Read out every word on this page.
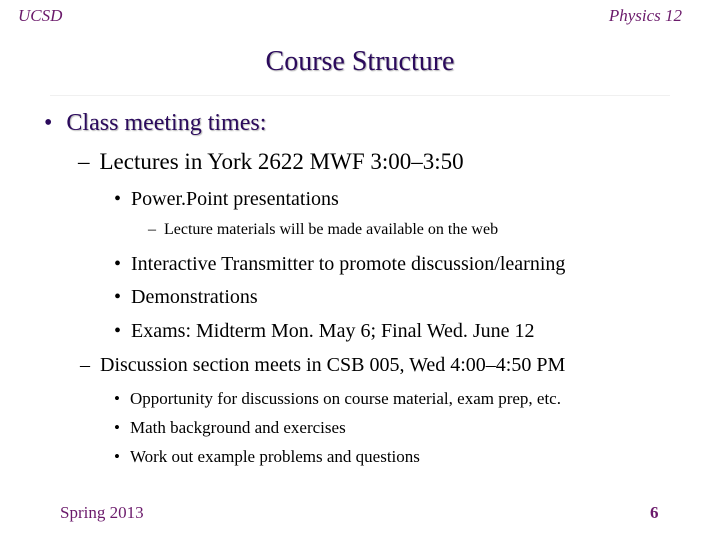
UCSD	Physics 12
Course Structure
• Class meeting times:
– Lectures in York 2622 MWF 3:00–3:50
• Power.Point presentations
– Lecture materials will be made available on the web
• Interactive Transmitter to promote discussion/learning
• Demonstrations
• Exams: Midterm Mon. May 6; Final Wed. June 12
– Discussion section meets in CSB 005, Wed 4:00–4:50 PM
• Opportunity for discussions on course material, exam prep, etc.
• Math background and exercises
• Work out example problems and questions
Spring 2013	6
